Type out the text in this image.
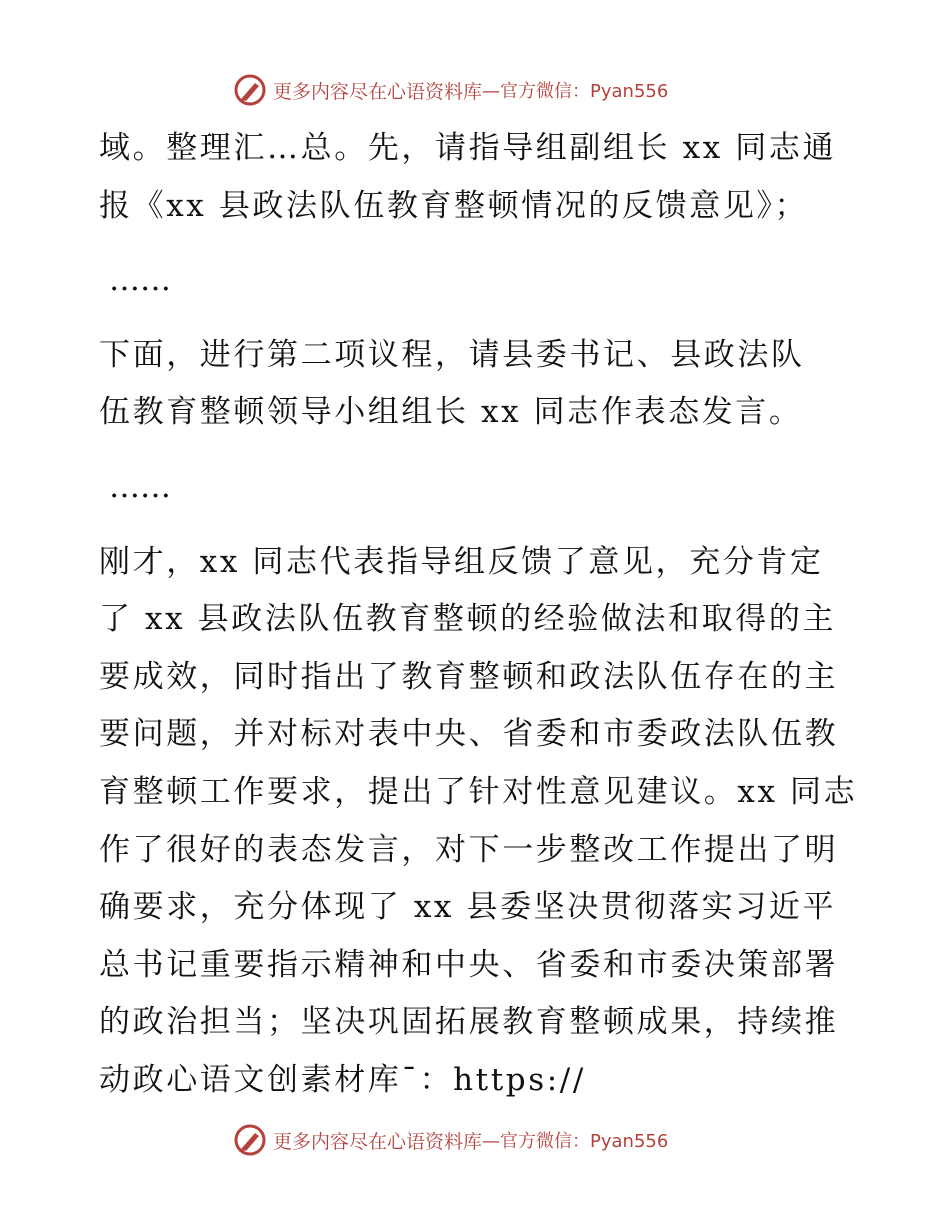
更多内容尽在心语资料库 —官方微信：Pyan556
域。整理汇…总。先，请指导组副组长 xx 同志通
报《xx 县政法队伍教育整顿情况的反馈意见》；
……
下面，进行第二项议程，请县委书记、县政法队
伍教育整顿领导小组组长 xx 同志作表态发言。
……
刚才，xx 同志代表指导组反馈了意见，充分肯定
了 xx 县政法队伍教育整顿的经验做法和取得的主
要成效，同时指出了教育整顿和政法队伍存在的主
要问题，并对标对表中央、省委和市委政法队伍教
育整顿工作要求，提出了针对性意见建议。xx 同志
作了很好的表态发言，对下一步整改工作提出了明
确要求，充分体现了 xx 县委坚决贯彻落实习近平
总书记重要指示精神和中央、省委和市委决策部署
的政治担当；坚决巩固拓展教育整顿成果，持续推
动政心语文创素材库¯：https://
更多内容尽在心语资料库 —官方微信：Pyan556
